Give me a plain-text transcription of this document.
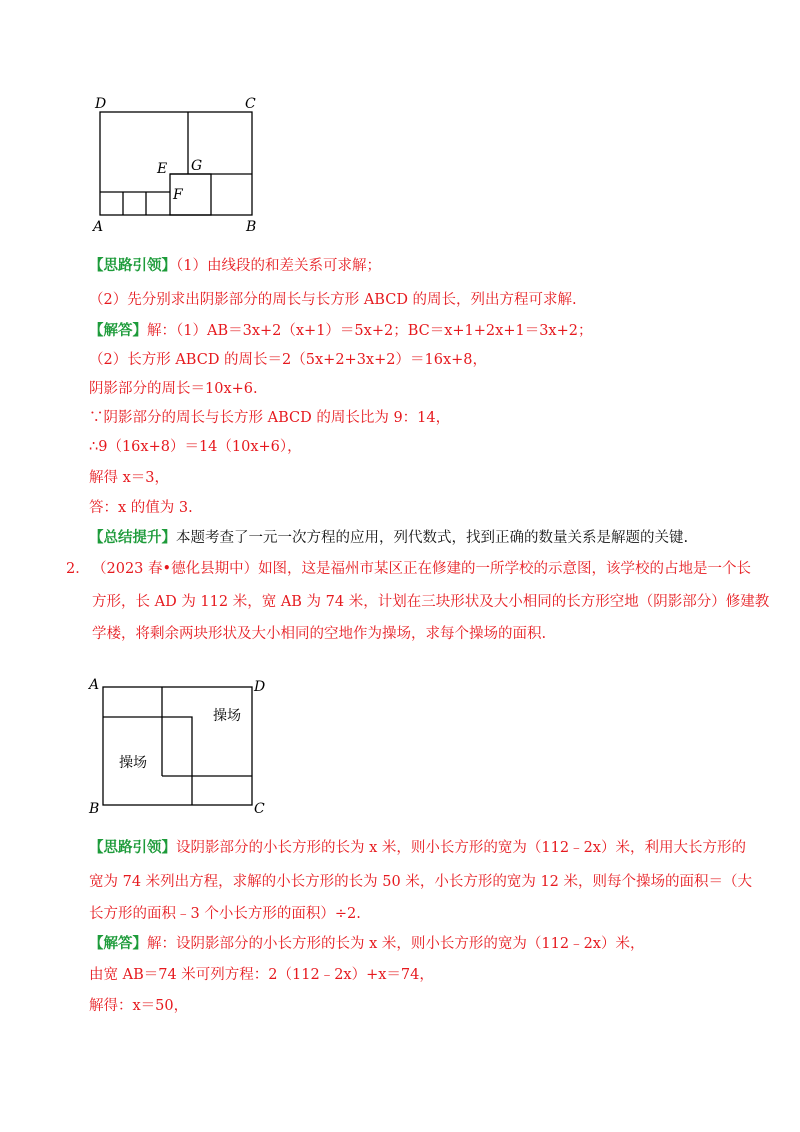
D	C
E G
F
A	B
【思路引领】（1）由线段的和差关系可求解；
（2）先分别求出阴影部分的周长与长方形 ABCD 的周长，列出方程可求解.
【解答】解：（1）AB＝3x+2（x+1）＝5x+2；BC＝x+1+2x+1＝3x+2；
（2）长方形 ABCD 的周长＝2（5x+2+3x+2）＝16x+8，
阴影部分的周长＝10x+6.
∵阴影部分的周长与长方形 ABCD 的周长比为 9：14，
∴9（16x+8）＝14（10x+6），
解得 x＝3，
答：x 的值为 3.
【总结提升】本题考查了一元一次方程的应用，列代数式，找到正确的数量关系是解题的关键.
2． （2023 春•德化县期中）如图，这是福州市某区正在修建的一所学校的示意图，该学校的占地是一个长
方形，长 AD 为 112 米，宽 AB 为 74 米，计划在三块形状及大小相同的长方形空地（阴影部分）修建教
学楼，将剩余两块形状及大小相同的空地作为操场，求每个操场的面积.
A	D
B	C
操场
操场
【思路引领】设阴影部分的小长方形的长为 x 米，则小长方形的宽为（112﹣2x）米，利用大长方形的
宽为 74 米列出方程，求解的小长方形的长为 50 米，小长方形的宽为 12 米，则每个操场的面积＝（大
长方形的面积﹣3 个小长方形的面积）÷2.
【解答】解：设阴影部分的小长方形的长为 x 米，则小长方形的宽为（112﹣2x）米，
由宽 AB＝74 米可列方程：2（112﹣2x）+x＝74，
解得：x＝50，
